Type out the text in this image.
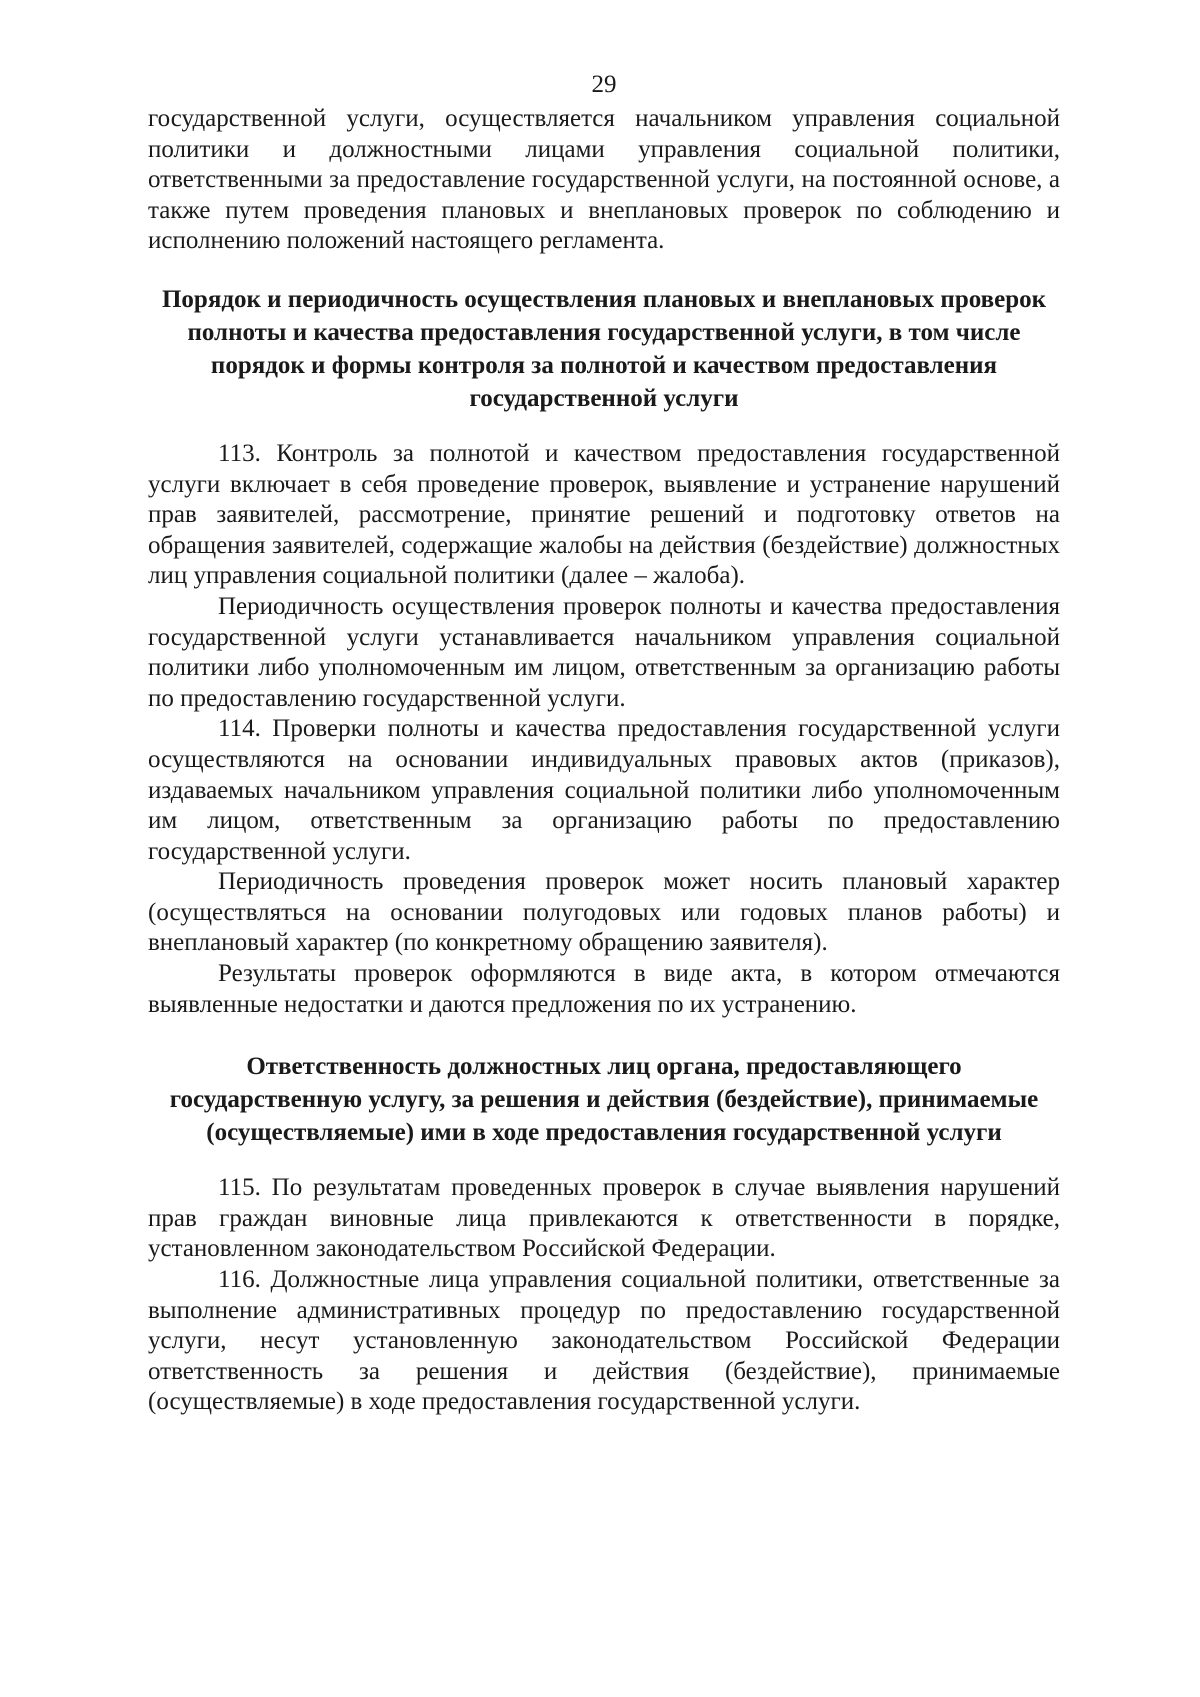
29

государственной услуги, осуществляется начальником управления социальной политики и должностными лицами управления социальной политики, ответственными за предоставление государственной услуги, на постоянной основе, а также путем проведения плановых и внеплановых проверок по соблюдению и исполнению положений настоящего регламента.

Порядок и периодичность осуществления плановых и внеплановых проверок полноты и качества предоставления государственной услуги, в том числе порядок и формы контроля за полнотой и качеством предоставления государственной услуги

113. Контроль за полнотой и качеством предоставления государственной услуги включает в себя проведение проверок, выявление и устранение нарушений прав заявителей, рассмотрение, принятие решений и подготовку ответов на обращения заявителей, содержащие жалобы на действия (бездействие) должностных лиц управления социальной политики (далее – жалоба).

Периодичность осуществления проверок полноты и качества предоставления государственной услуги устанавливается начальником управления социальной политики либо уполномоченным им лицом, ответственным за организацию работы по предоставлению государственной услуги.

114. Проверки полноты и качества предоставления государственной услуги осуществляются на основании индивидуальных правовых актов (приказов), издаваемых начальником управления социальной политики либо уполномоченным им лицом, ответственным за организацию работы по предоставлению государственной услуги.

Периодичность проведения проверок может носить плановый характер (осуществляться на основании полугодовых или годовых планов работы) и внеплановый характер (по конкретному обращению заявителя).

Результаты проверок оформляются в виде акта, в котором отмечаются выявленные недостатки и даются предложения по их устранению.

Ответственность должностных лиц органа, предоставляющего государственную услугу, за решения и действия (бездействие), принимаемые (осуществляемые) ими в ходе предоставления государственной услуги

115. По результатам проведенных проверок в случае выявления нарушений прав граждан виновные лица привлекаются к ответственности в порядке, установленном законодательством Российской Федерации.

116. Должностные лица управления социальной политики, ответственные за выполнение административных процедур по предоставлению государственной услуги, несут установленную законодательством Российской Федерации ответственность за решения и действия (бездействие), принимаемые (осуществляемые) в ходе предоставления государственной услуги.
